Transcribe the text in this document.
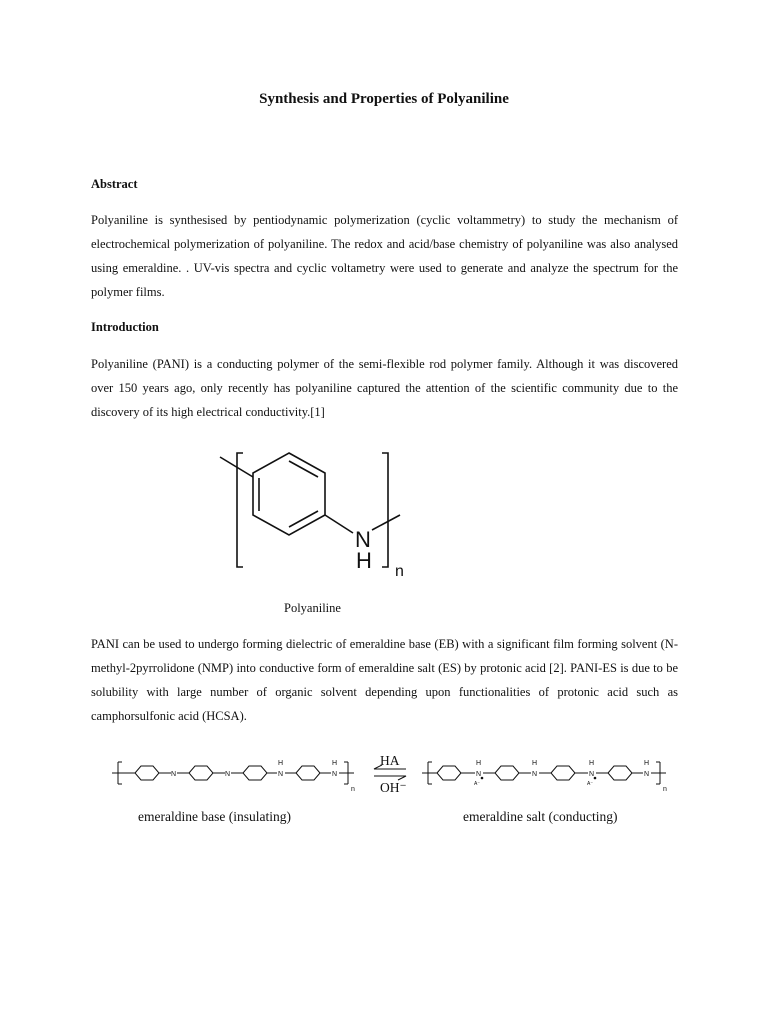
Synthesis and Properties of Polyaniline
Abstract
Polyaniline is synthesised by pentiodynamic polymerization (cyclic voltammetry) to study the mechanism of electrochemical polymerization of polyaniline. The redox and acid/base chemistry of polyaniline was also analysed using emeraldine. . UV-vis spectra and cyclic voltametry were used to generate and analyze the spectrum for the polymer films.
Introduction
Polyaniline (PANI) is a conducting polymer of the semi-flexible rod polymer family. Although it was discovered over 150 years ago, only recently has polyaniline captured the attention of the scientific community due to the discovery of its high electrical conductivity.[1]
N
H n
Polyaniline
PANI can be used to undergo forming dielectric of emeraldine base (EB) with a significant film forming solvent (N-methyl-2pyrrolidone (NMP) into conductive form of emeraldine salt (ES) by protonic acid [2]. PANI-ES is due to be solubility with large number of organic solvent depending upon functionalities of protonic acid such as camphorsulfonic acid (HCSA).
N	N	N
H
N
H
n
N
H
A⁻
N
H
N
H
A⁻
N
H
n
HA
OH⁻
emeraldine base (insulating)	emeraldine salt (conducting)
